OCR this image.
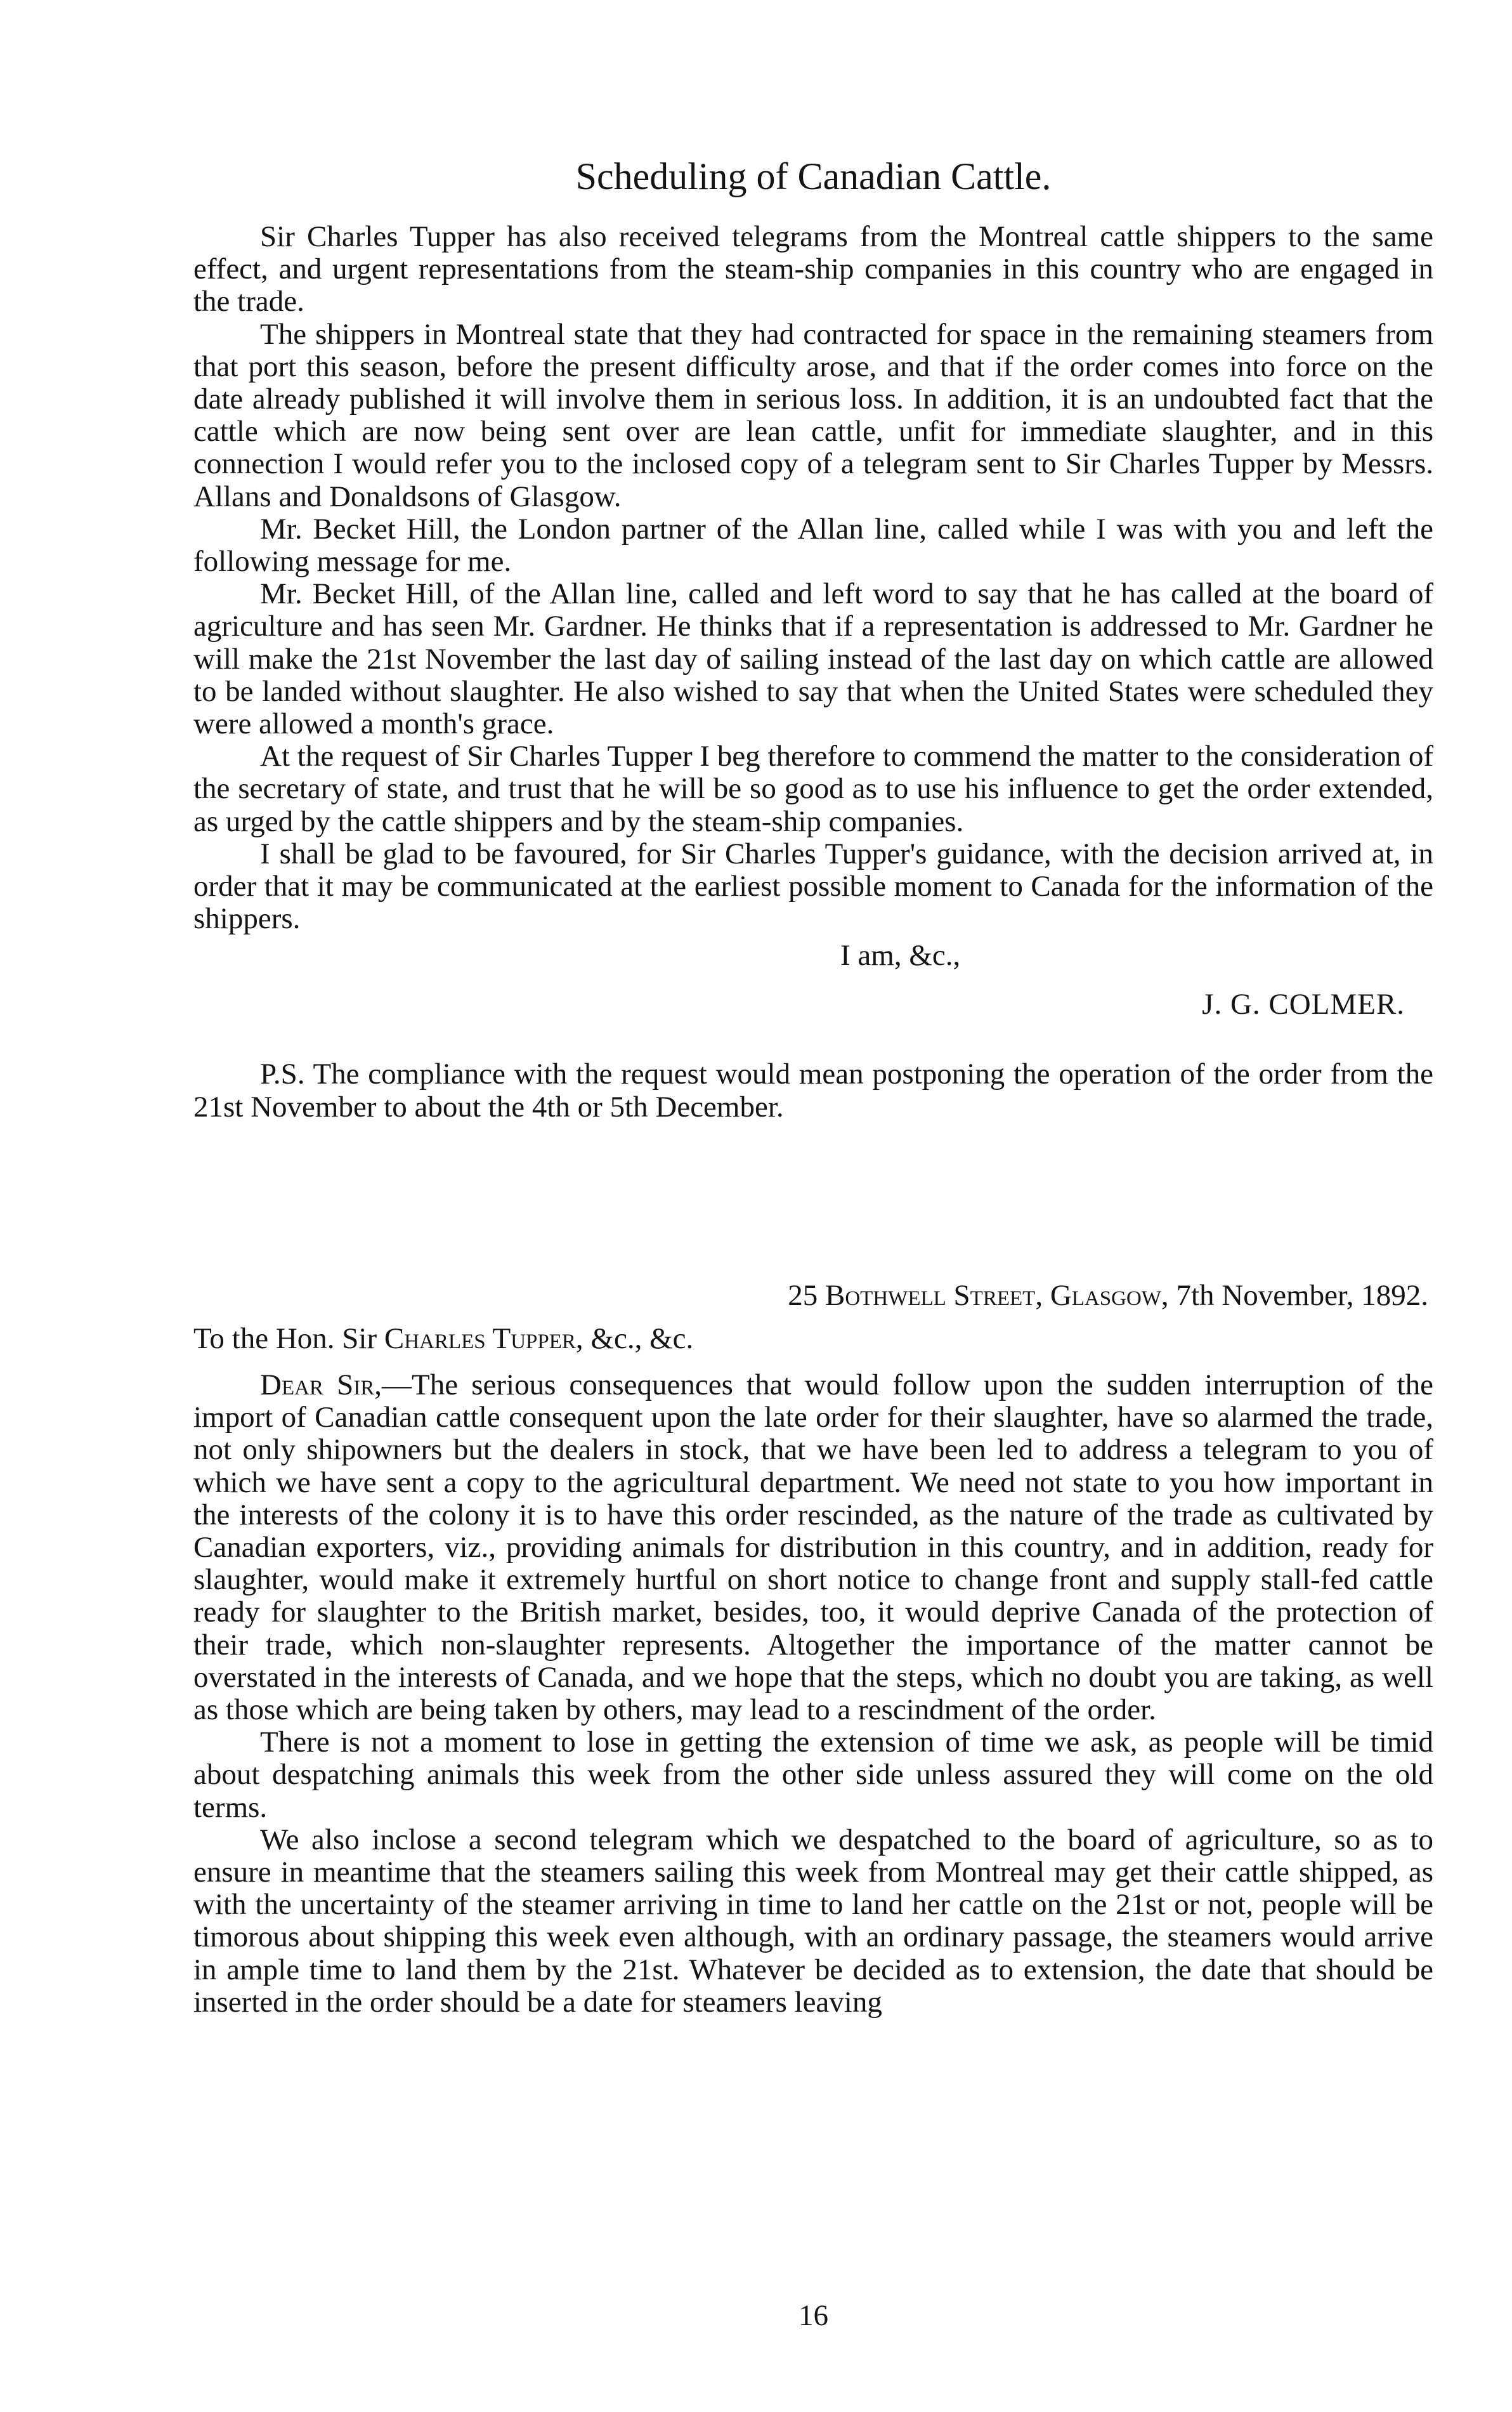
Scheduling of Canadian Cattle.

Sir Charles Tupper has also received telegrams from the Montreal cattle shippers to the same effect, and urgent representations from the steam-ship companies in this country who are engaged in the trade.

The shippers in Montreal state that they had contracted for space in the remaining steamers from that port this season, before the present difficulty arose, and that if the order comes into force on the date already published it will involve them in serious loss. In addition, it is an undoubted fact that the cattle which are now being sent over are lean cattle, unfit for immediate slaughter, and in this connection I would refer you to the inclosed copy of a telegram sent to Sir Charles Tupper by Messrs. Allans and Donaldsons of Glasgow.

Mr. Becket Hill, the London partner of the Allan line, called while I was with you and left the following message for me.

Mr. Becket Hill, of the Allan line, called and left word to say that he has called at the board of agriculture and has seen Mr. Gardner. He thinks that if a representation is addressed to Mr. Gardner he will make the 21st November the last day of sailing instead of the last day on which cattle are allowed to be landed without slaughter. He also wished to say that when the United States were scheduled they were allowed a month's grace.

At the request of Sir Charles Tupper I beg therefore to commend the matter to the consideration of the secretary of state, and trust that he will be so good as to use his influence to get the order extended, as urged by the cattle shippers and by the steam-ship companies.

I shall be glad to be favoured, for Sir Charles Tupper's guidance, with the decision arrived at, in order that it may be communicated at the earliest possible moment to Canada for the information of the shippers.

I am, &c.,
J. G. COLMER.

P.S. The compliance with the request would mean postponing the operation of the order from the 21st November to about the 4th or 5th December.

25 Bothwell Street, Glasgow, 7th November, 1892.
To the Hon. Sir Charles Tupper, &c., &c.

Dear Sir,—The serious consequences that would follow upon the sudden interruption of the import of Canadian cattle consequent upon the late order for their slaughter, have so alarmed the trade, not only shipowners but the dealers in stock, that we have been led to address a telegram to you of which we have sent a copy to the agricultural department. We need not state to you how important in the interests of the colony it is to have this order rescinded, as the nature of the trade as cultivated by Canadian exporters, viz., providing animals for distribution in this country, and in addition, ready for slaughter, would make it extremely hurtful on short notice to change front and supply stall-fed cattle ready for slaughter to the British market, besides, too, it would deprive Canada of the protection of their trade, which non-slaughter represents. Altogether the importance of the matter cannot be overstated in the interests of Canada, and we hope that the steps, which no doubt you are taking, as well as those which are being taken by others, may lead to a rescindment of the order.

There is not a moment to lose in getting the extension of time we ask, as people will be timid about despatching animals this week from the other side unless assured they will come on the old terms.

We also inclose a second telegram which we despatched to the board of agriculture, so as to ensure in meantime that the steamers sailing this week from Montreal may get their cattle shipped, as with the uncertainty of the steamer arriving in time to land her cattle on the 21st or not, people will be timorous about shipping this week even although, with an ordinary passage, the steamers would arrive in ample time to land them by the 21st. Whatever be decided as to extension, the date that should be inserted in the order should be a date for steamers leaving

16
